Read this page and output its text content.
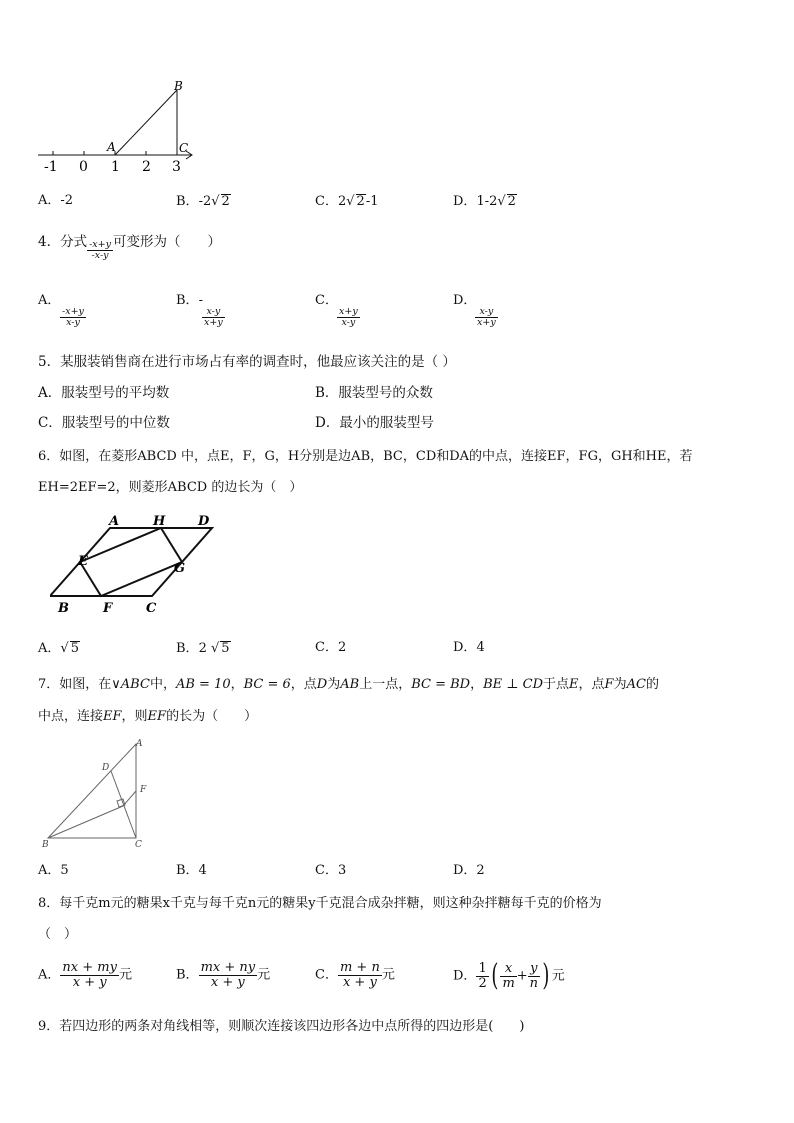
B
A	C
-1 0 1 2 3
A．-2	B．-2√ 2	C．2√ 2-1	D．1-2√ 2
4．分式 $\frac{-x+y}{-x-y}$ 可变形为（　　）
A．

$\frac{-x+y}{x-y}$
B．-

$\frac{x-y}{x+y}$
C．

$\frac{x+y}{x-y}$
D．

$\frac{x-y}{x+y}$
5．某服装销售商在进行市场占有率的调查时，他最应该关注的是（ ）
A．服装型号的平均数	B．服装型号的众数
C．服装型号的中位数	D．最小的服装型号
6．如图，在菱形ABCD 中，点E，F，G，H分别是边AB，BC，CD和DA的中点，连接EF，FG，GH和HE，若
EH=2EF=2，则菱形ABCD 的边长为（　）
A	H	D
E	G
B	F	C
A．√ 5	B．2 √ 5	C．2	D．4
7．如图，在∨ABC中，AB = 10，BC = 6，点D为AB上一点，BC = BD，BE ⊥ CD于点E，点F为AC的
中点，连接EF，则EF的长为（　　）
A
D
F
B	C
A．5	B．4	C．3	D．2
8．每千克m元的糖果x千克与每千克n元的糖果y千克混合成杂拌糖，则这种杂拌糖每千克的价格为
（　）
A． $\frac{nx + my}{x + y}$ 元	B． $\frac{mx + ny}{x + y}$ 元	C． $\frac{m + n}{x + y}$ 元	D． $\frac{1}{2}$ ( $\frac{x}{m} + \frac{y}{n}$ ) 元
9．若四边形的两条对角线相等，则顺次连接该四边形各边中点所得的四边形是(　　)
